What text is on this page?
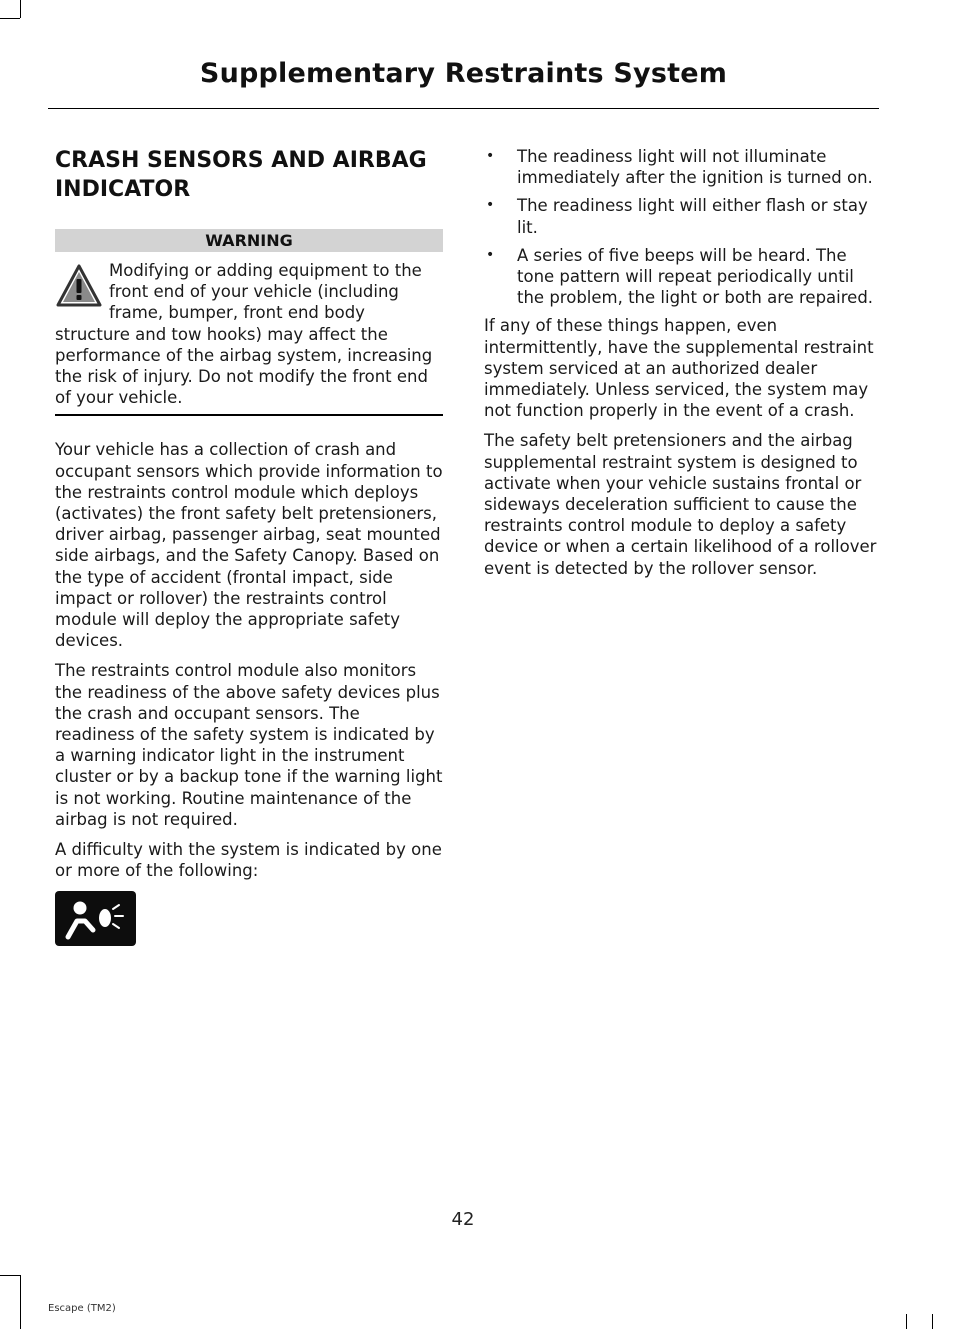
Supplementary Restraints System
CRASH SENSORS AND AIRBAG INDICATOR
WARNING
Modifying or adding equipment to the front end of your vehicle (including frame, bumper, front end body structure and tow hooks) may affect the performance of the airbag system, increasing the risk of injury. Do not modify the front end of your vehicle.

Your vehicle has a collection of crash and occupant sensors which provide information to the restraints control module which deploys (activates) the front safety belt pretensioners, driver airbag, passenger airbag, seat mounted side airbags, and the Safety Canopy. Based on the type of accident (frontal impact, side impact or rollover) the restraints control module will deploy the appropriate safety devices.

The restraints control module also monitors the readiness of the above safety devices plus the crash and occupant sensors. The readiness of the safety system is indicated by a warning indicator light in the instrument cluster or by a backup tone if the warning light is not working. Routine maintenance of the airbag is not required.

A difficulty with the system is indicated by one or more of the following:

• The readiness light will not illuminate immediately after the ignition is turned on.
• The readiness light will either flash or stay lit.
• A series of five beeps will be heard. The tone pattern will repeat periodically until the problem, the light or both are repaired.

If any of these things happen, even intermittently, have the supplemental restraint system serviced at an authorized dealer immediately. Unless serviced, the system may not function properly in the event of a crash.

The safety belt pretensioners and the airbag supplemental restraint system is designed to activate when your vehicle sustains frontal or sideways deceleration sufficient to cause the restraints control module to deploy a safety device or when a certain likelihood of a rollover event is detected by the rollover sensor.

42
Escape (TM2)
